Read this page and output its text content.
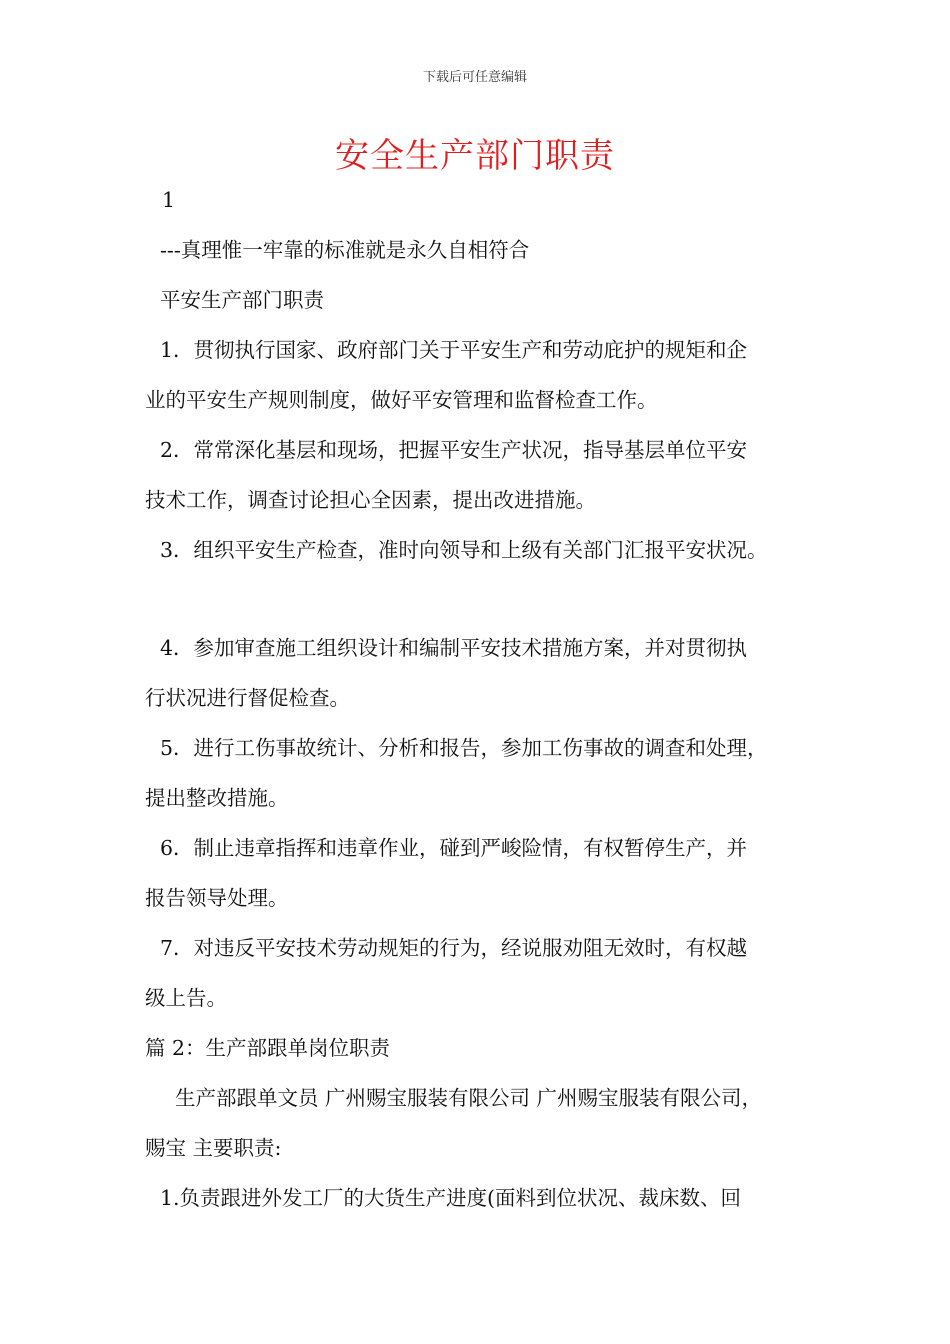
下载后可任意编辑
安全生产部门职责
1
---真理惟一牢靠的标准就是永久自相符合
平安生产部门职责
1．贯彻执行国家、政府部门关于平安生产和劳动庇护的规矩和企
业的平安生产规则制度，做好平安管理和监督检查工作。
2．常常深化基层和现场，把握平安生产状况，指导基层单位平安
技术工作，调查讨论担心全因素，提出改进措施。
3．组织平安生产检查，准时向领导和上级有关部门汇报平安状况。
4．参加审查施工组织设计和编制平安技术措施方案，并对贯彻执
行状况进行督促检查。
5．进行工伤事故统计、分析和报告，参加工伤事故的调查和处理，
提出整改措施。
6．制止违章指挥和违章作业，碰到严峻险情，有权暂停生产，并
报告领导处理。
7．对违反平安技术劳动规矩的行为，经说服劝阻无效时，有权越
级上告。
篇 2：生产部跟单岗位职责
生产部跟单文员 广州赐宝服装有限公司 广州赐宝服装有限公司，
赐宝 主要职责:
1.负责跟进外发工厂的大货生产进度(面料到位状况、裁床数、回
